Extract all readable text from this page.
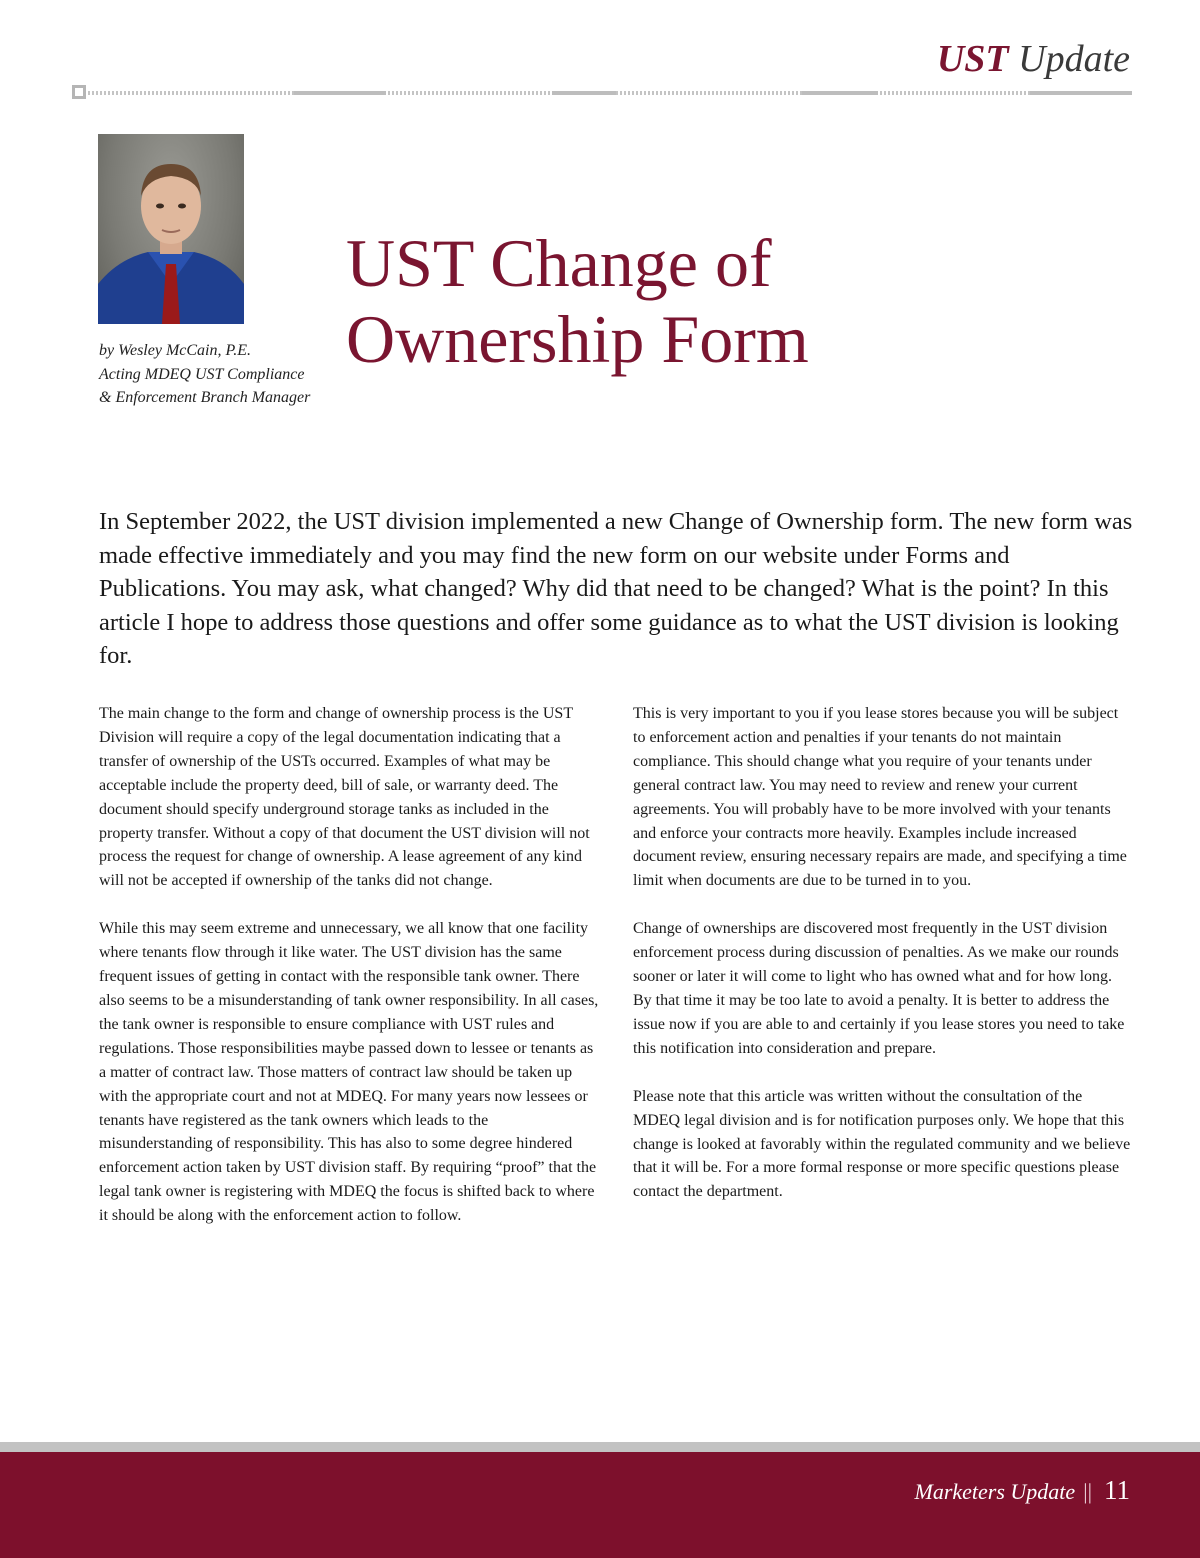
UST Update
by Wesley McCain, P.E.
Acting MDEQ UST Compliance
& Enforcement Branch Manager
UST Change of
Ownership Form

In September 2022, the UST division implemented a new Change of Ownership form. The new form was made effective immediately and you may find the new form on our website under Forms and Publications. You may ask, what changed? Why did that need to be changed? What is the point? In this article I hope to address those questions and offer some guidance as to what the UST division is looking for.

The main change to the form and change of ownership process is the UST Division will require a copy of the legal documentation indicating that a transfer of ownership of the USTs occurred. Examples of what may be acceptable include the property deed, bill of sale, or warranty deed. The document should specify underground storage tanks as included in the property transfer. Without a copy of that document the UST division will not process the request for change of ownership. A lease agreement of any kind will not be accepted if ownership of the tanks did not change.

While this may seem extreme and unnecessary, we all know that one facility where tenants flow through it like water. The UST division has the same frequent issues of getting in contact with the responsible tank owner. There also seems to be a misunderstanding of tank owner responsibility. In all cases, the tank owner is responsible to ensure compliance with UST rules and regulations. Those responsibilities maybe passed down to lessee or tenants as a matter of contract law. Those matters of contract law should be taken up with the appropriate court and not at MDEQ. For many years now lessees or tenants have registered as the tank owners which leads to the misunderstanding of responsibility. This has also to some degree hindered enforcement action taken by UST division staff. By requiring “proof” that the legal tank owner is registering with MDEQ the focus is shifted back to where it should be along with the enforcement action to follow.

This is very important to you if you lease stores because you will be subject to enforcement action and penalties if your tenants do not maintain compliance. This should change what you require of your tenants under general contract law. You may need to review and renew your current agreements. You will probably have to be more involved with your tenants and enforce your contracts more heavily. Examples include increased document review, ensuring necessary repairs are made, and specifying a time limit when documents are due to be turned in to you.

Change of ownerships are discovered most frequently in the UST division enforcement process during discussion of penalties. As we make our rounds sooner or later it will come to light who has owned what and for how long. By that time it may be too late to avoid a penalty. It is better to address the issue now if you are able to and certainly if you lease stores you need to take this notification into consideration and prepare.

Please note that this article was written without the consultation of the MDEQ legal division and is for notification purposes only. We hope that this change is looked at favorably within the regulated community and we believe that it will be. For a more formal response or more specific questions please contact the department.

Marketers Update || 11
